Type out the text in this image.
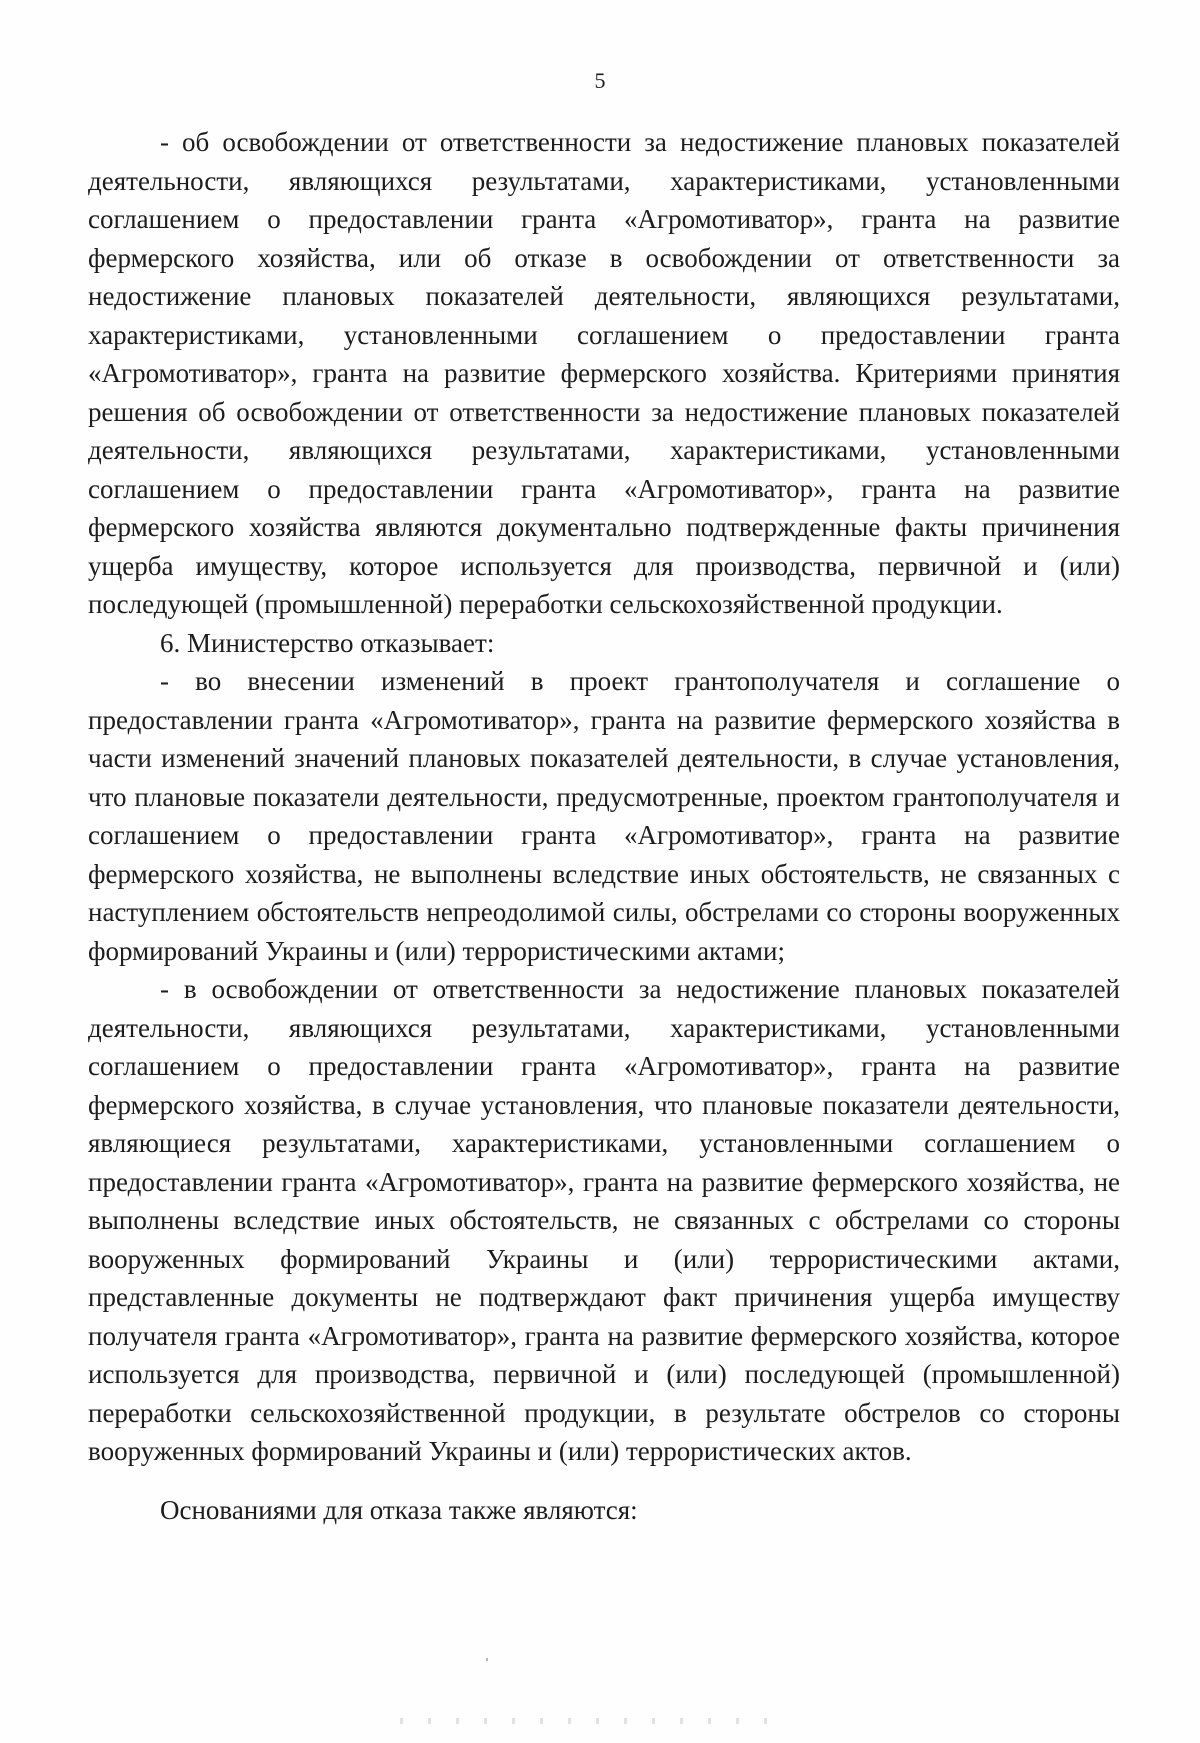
5

- об освобождении от ответственности за недостижение плановых показателей деятельности, являющихся результатами, характеристиками, установленными соглашением о предоставлении гранта «Агромотиватор», гранта на развитие фермерского хозяйства, или об отказе в освобождении от ответственности за недостижение плановых показателей деятельности, являющихся результатами, характеристиками, установленными соглашением о предоставлении гранта «Агромотиватор», гранта на развитие фермерского хозяйства. Критериями принятия решения об освобождении от ответственности за недостижение плановых показателей деятельности, являющихся результатами, характеристиками, установленными соглашением о предоставлении гранта «Агромотиватор», гранта на развитие фермерского хозяйства являются документально подтвержденные факты причинения ущерба имуществу, которое используется для производства, первичной и (или) последующей (промышленной) переработки сельскохозяйственной продукции.

6. Министерство отказывает:

- во внесении изменений в проект грантополучателя и соглашение о предоставлении гранта «Агромотиватор», гранта на развитие фермерского хозяйства в части изменений значений плановых показателей деятельности, в случае установления, что плановые показатели деятельности, предусмотренные, проектом грантополучателя и соглашением о предоставлении гранта «Агромотиватор», гранта на развитие фермерского хозяйства, не выполнены вследствие иных обстоятельств, не связанных с наступлением обстоятельств непреодолимой силы, обстрелами со стороны вооруженных формирований Украины и (или) террористическими актами;

- в освобождении от ответственности за недостижение плановых показателей деятельности, являющихся результатами, характеристиками, установленными соглашением о предоставлении гранта «Агромотиватор», гранта на развитие фермерского хозяйства, в случае установления, что плановые показатели деятельности, являющиеся результатами, характеристиками, установленными соглашением о предоставлении гранта «Агромотиватор», гранта на развитие фермерского хозяйства, не выполнены вследствие иных обстоятельств, не связанных с обстрелами со стороны вооруженных формирований Украины и (или) террористическими актами, представленные документы не подтверждают факт причинения ущерба имуществу получателя гранта «Агромотиватор», гранта на развитие фермерского хозяйства, которое используется для производства, первичной и (или) последующей (промышленной) переработки сельскохозяйственной продукции, в результате обстрелов со стороны вооруженных формирований Украины и (или) террористических актов.

Основаниями для отказа также являются:
